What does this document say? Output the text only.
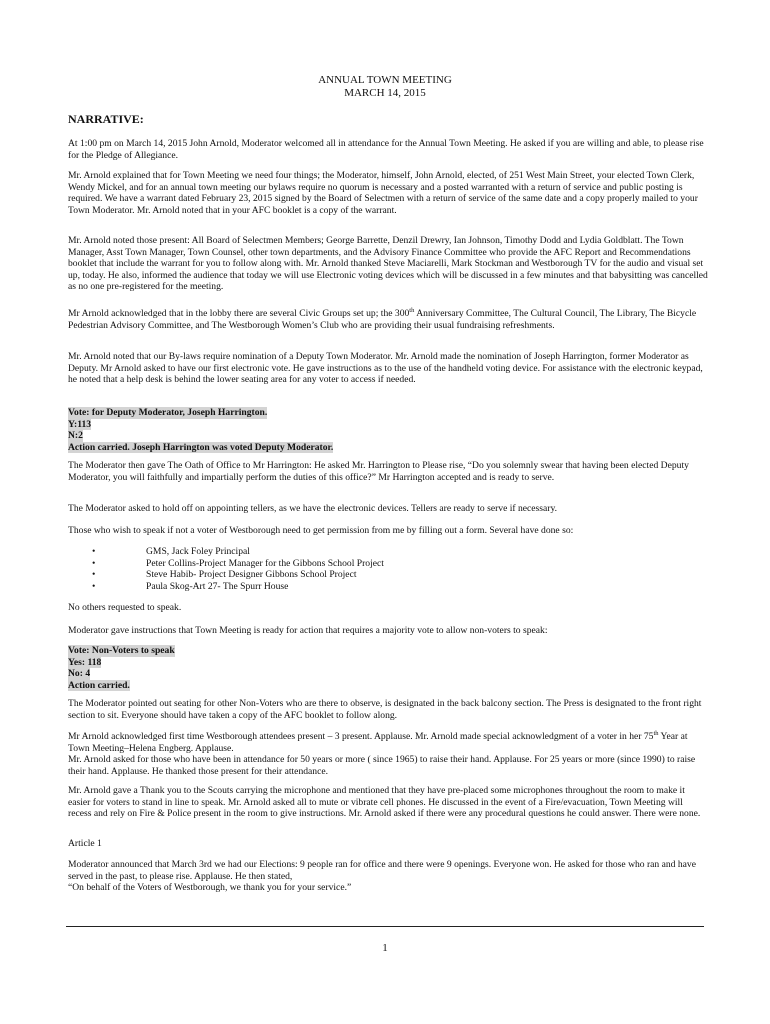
ANNUAL TOWN MEETING
MARCH 14, 2015
NARRATIVE:

At 1:00 pm on March 14, 2015 John Arnold, Moderator welcomed all in attendance for the Annual Town Meeting. He asked if you are willing and able, to please rise for the Pledge of Allegiance.

Mr. Arnold explained that for Town Meeting we need four things; the Moderator, himself, John Arnold, elected, of 251 West Main Street, your elected Town Clerk, Wendy Mickel, and for an annual town meeting our bylaws require no quorum is necessary and a posted warranted with a return of service and public posting is required. We have a warrant dated February 23, 2015 signed by the Board of Selectmen with a return of service of the same date and a copy properly mailed to your Town Moderator. Mr. Arnold noted that in your AFC booklet is a copy of the warrant.

Mr. Arnold noted those present: All Board of Selectmen Members; George Barrette, Denzil Drewry, Ian Johnson, Timothy Dodd and Lydia Goldblatt. The Town Manager, Asst Town Manager, Town Counsel, other town departments, and the Advisory Finance Committee who provide the AFC Report and Recommendations booklet that include the warrant for you to follow along with. Mr. Arnold thanked Steve Maciarelli, Mark Stockman and Westborough TV for the audio and visual set up, today. He also, informed the audience that today we will use Electronic voting devices which will be discussed in a few minutes and that babysitting was cancelled as no one pre-registered for the meeting.

Mr Arnold acknowledged that in the lobby there are several Civic Groups set up; the 300th Anniversary Committee, The Cultural Council, The Library, The Bicycle Pedestrian Advisory Committee, and The Westborough Women’s Club who are providing their usual fundraising refreshments.

Mr. Arnold noted that our By-laws require nomination of a Deputy Town Moderator. Mr. Arnold made the nomination of Joseph Harrington, former Moderator as Deputy. Mr Arnold asked to have our first electronic vote. He gave instructions as to the use of the handheld voting device. For assistance with the electronic keypad, he noted that a help desk is behind the lower seating area for any voter to access if needed.

Vote: for Deputy Moderator, Joseph Harrington.
Y:113
N:2
Action carried. Joseph Harrington was voted Deputy Moderator.

The Moderator then gave The Oath of Office to Mr Harrington: He asked Mr. Harrington to Please rise, “Do you solemnly swear that having been elected Deputy Moderator, you will faithfully and impartially perform the duties of this office?” Mr Harrington accepted and is ready to serve.

The Moderator asked to hold off on appointing tellers, as we have the electronic devices. Tellers are ready to serve if necessary.

Those who wish to speak if not a voter of Westborough need to get permission from me by filling out a form. Several have done so:

• GMS, Jack Foley Principal
• Peter Collins-Project Manager for the Gibbons School Project
• Steve Habib- Project Designer Gibbons School Project
• Paula Skog-Art 27- The Spurr House

No others requested to speak.

Moderator gave instructions that Town Meeting is ready for action that requires a majority vote to allow non-voters to speak:

Vote: Non-Voters to speak
Yes: 118
No: 4
Action carried.

The Moderator pointed out seating for other Non-Voters who are there to observe, is designated in the back balcony section. The Press is designated to the front right section to sit. Everyone should have taken a copy of the AFC booklet to follow along.

Mr Arnold acknowledged first time Westborough attendees present – 3 present. Applause. Mr. Arnold made special acknowledgment of a voter in her 75th Year at Town Meeting–Helena Engberg. Applause.
Mr. Arnold asked for those who have been in attendance for 50 years or more ( since 1965) to raise their hand. Applause. For 25 years or more (since 1990) to raise their hand. Applause. He thanked those present for their attendance.

Mr. Arnold gave a Thank you to the Scouts carrying the microphone and mentioned that they have pre-placed some microphones throughout the room to make it easier for voters to stand in line to speak. Mr. Arnold asked all to mute or vibrate cell phones. He discussed in the event of a Fire/evacuation, Town Meeting will recess and rely on Fire & Police present in the room to give instructions. Mr. Arnold asked if there were any procedural questions he could answer. There were none.

Article 1

Moderator announced that March 3rd we had our Elections: 9 people ran for office and there were 9 openings. Everyone won. He asked for those who ran and have served in the past, to please rise. Applause. He then stated,
“On behalf of the Voters of Westborough, we thank you for your service.”

1
